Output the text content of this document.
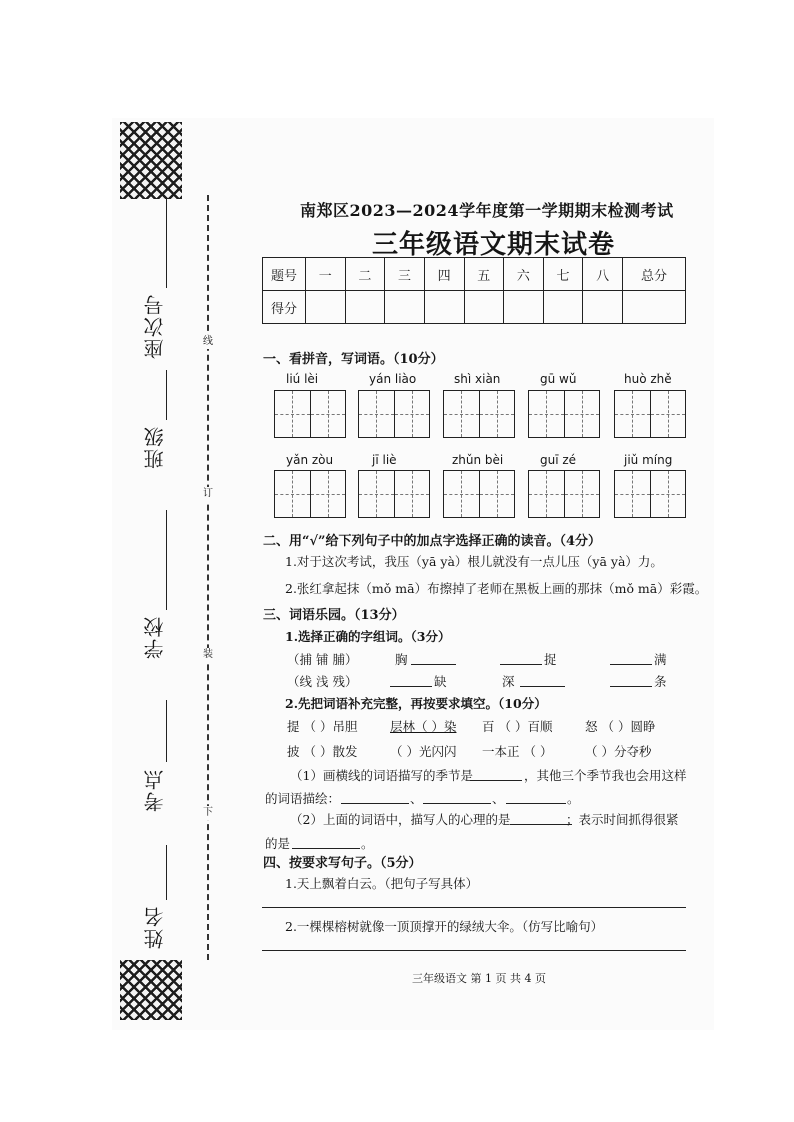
座次号
班级
学校
考点
姓名
线
订
装
下
南郑区2023—2024学年度第一学期期末检测考试
三年级语文期末试卷
题号	一	二	三	四	五	六	七	八	总分
得分									
一、看拼音，写词语。（10分）
liú lèi	yán liào	shì xiàn	gū wǔ	huò zhě
yǎn zòu	jī liè	zhǔn bèi	guī zé	jiǔ míng
二、用“√”给下列句子中的加点字选择正确的读音。（4分）
1.对于这次考试，我压（yā yà）根儿就没有一点儿压（yā yà）力。
2.张红拿起抹（mǒ mā）布擦掉了老师在黑板上画的那抹（mǒ mā）彩霞。
三、词语乐园。（13分）
1.选择正确的字组词。（3分）
（捕 铺 脯）	胸	捉	满
（线 浅 残）	缺	深	条
2.先把词语补充完整，再按要求填空。（10分）
提 （ ）吊胆	层林（ ）染 百 （ ）百顺	怒 （ ）圆睁
披 （ ）散发	（ ）光闪闪 一本正 （ ）	（ ）分夺秒
（1）画横线的词语描写的季节是	，其他三个季节我也会用这样
的词语描绘：	、	、	。
（2）上面的词语中，描写人的心理的是	；表示时间抓得很紧
的是	。
四、按要求写句子。（5分）
1.天上飘着白云。（把句子写具体）
2.一棵棵榕树就像一顶顶撑开的绿绒大伞。（仿写比喻句）
三年级语文 第 1 页 共 4 页
